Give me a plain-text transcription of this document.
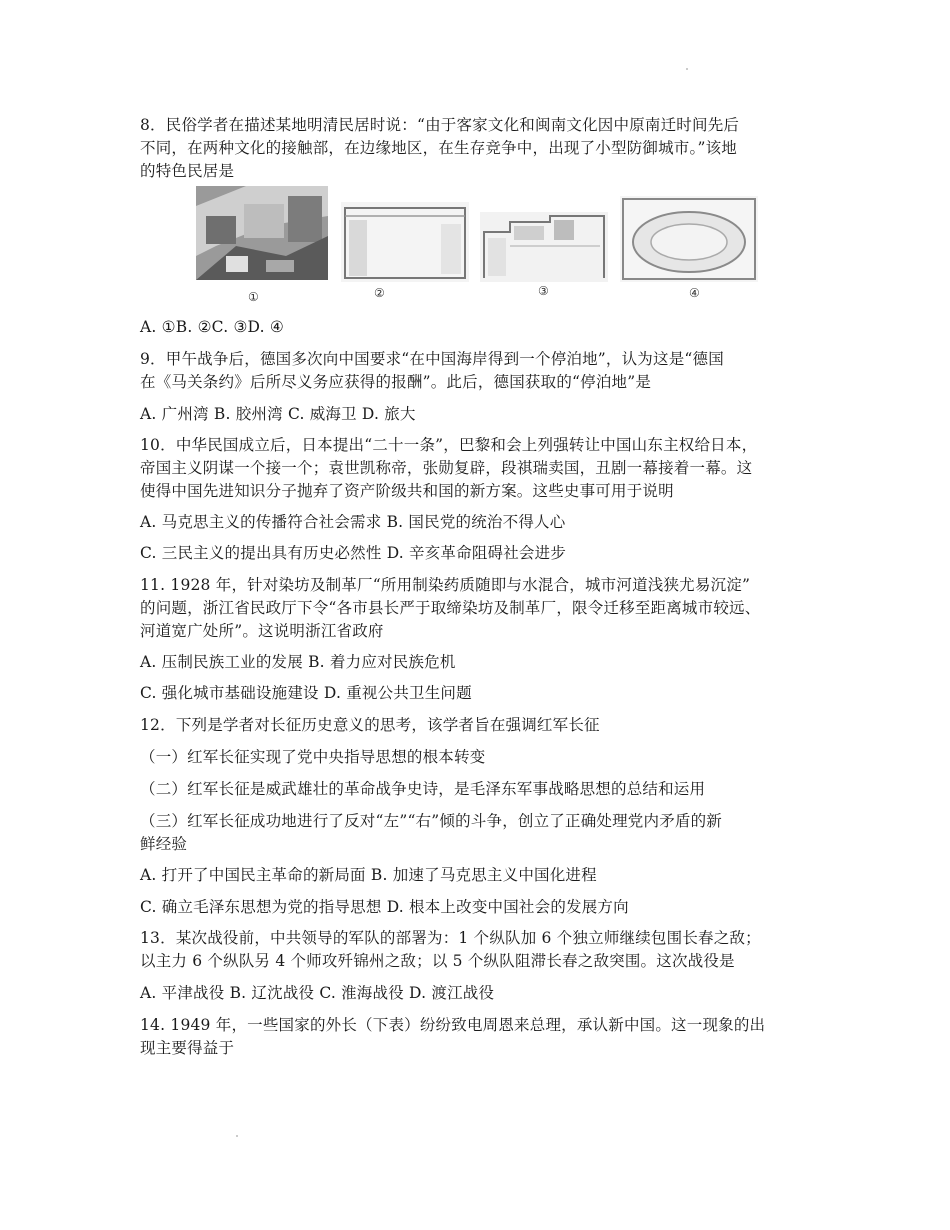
8．民俗学者在描述某地明清民居时说：“由于客家文化和闽南文化因中原南迁时间先后
不同，在两种文化的接触部，在边缘地区，在生存竞争中，出现了小型防御城市。”该地
的特色民居是
①	②	③	④
A. ①B. ②C. ③D. ④
9．甲午战争后，德国多次向中国要求“在中国海岸得到一个停泊地”，认为这是“德国
在《马关条约》后所尽义务应获得的报酬”。此后，德国获取的“停泊地”是
A. 广州湾 B. 胶州湾 C. 威海卫 D. 旅大
10．中华民国成立后，日本提出“二十一条”，巴黎和会上列强转让中国山东主权给日本，
帝国主义阴谋一个接一个；袁世凯称帝，张勋复辟，段祺瑞卖国，丑剧一幕接着一幕。这
使得中国先进知识分子抛弃了资产阶级共和国的新方案。这些史事可用于说明
A. 马克思主义的传播符合社会需求 B. 国民党的统治不得人心
C. 三民主义的提出具有历史必然性 D. 辛亥革命阻碍社会进步
11. 1928 年，针对染坊及制革厂“所用制染药质随即与水混合，城市河道浅狭尤易沉淀”
的问题，浙江省民政厅下令“各市县长严于取缔染坊及制革厂，限令迁移至距离城市较远、
河道宽广处所”。这说明浙江省政府
A. 压制民族工业的发展 B. 着力应对民族危机
C. 强化城市基础设施建设 D. 重视公共卫生问题
12．下列是学者对长征历史意义的思考，该学者旨在强调红军长征
（一）红军长征实现了党中央指导思想的根本转变
（二）红军长征是威武雄壮的革命战争史诗，是毛泽东军事战略思想的总结和运用
（三）红军长征成功地进行了反对“左”“右”倾的斗争，创立了正确处理党内矛盾的新
鲜经验
A. 打开了中国民主革命的新局面 B. 加速了马克思主义中国化进程
C. 确立毛泽东思想为党的指导思想 D. 根本上改变中国社会的发展方向
13．某次战役前，中共领导的军队的部署为：1 个纵队加 6 个独立师继续包围长春之敌；
以主力 6 个纵队另 4 个师攻歼锦州之敌；以 5 个纵队阻滞长春之敌突围。这次战役是
A. 平津战役 B. 辽沈战役 C. 淮海战役 D. 渡江战役
14. 1949 年，一些国家的外长（下表）纷纷致电周恩来总理，承认新中国。这一现象的出
现主要得益于
